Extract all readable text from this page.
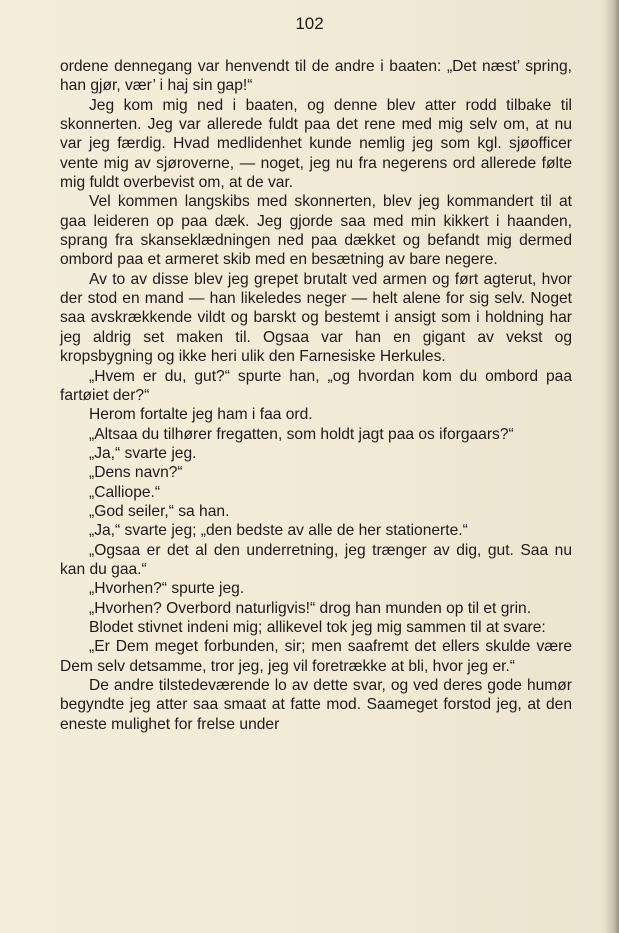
102

ordene dennegang var henvendt til de andre i baaten: „Det næst’ spring, han gjør, vær’ i haj sin gap!“

Jeg kom mig ned i baaten, og denne blev atter rodd tilbake til skonnerten. Jeg var allerede fuldt paa det rene med mig selv om, at nu var jeg færdig. Hvad medlidenhet kunde nemlig jeg som kgl. sjøofficer vente mig av sjøroverne, — noget, jeg nu fra negerens ord allerede følte mig fuldt overbevist om, at de var.

Vel kommen langskibs med skonnerten, blev jeg kommandert til at gaa leideren op paa dæk. Jeg gjorde saa med min kikkert i haanden, sprang fra skanseklædningen ned paa dækket og befandt mig dermed ombord paa et armeret skib med en besætning av bare negere.

Av to av disse blev jeg grepet brutalt ved armen og ført agterut, hvor der stod en mand — han likeledes neger — helt alene for sig selv. Noget saa avskrækkende vildt og barskt og bestemt i ansigt som i holdning har jeg aldrig set maken til. Ogsaa var han en gigant av vekst og kropsbygning og ikke heri ulik den Farnesiske Herkules.

„Hvem er du, gut?“ spurte han, „og hvordan kom du ombord paa fartøiet der?“

Herom fortalte jeg ham i faa ord.

„Altsaa du tilhører fregatten, som holdt jagt paa os iforgaars?“

„Ja,“ svarte jeg.

„Dens navn?“

„Calliope.“

„God seiler,“ sa han.

„Ja,“ svarte jeg; „den bedste av alle de her stationerte.“

„Ogsaa er det al den underretning, jeg trænger av dig, gut. Saa nu kan du gaa.“

„Hvorhen?“ spurte jeg.

„Hvorhen? Overbord naturligvis!“ drog han munden op til et grin.

Blodet stivnet indeni mig; allikevel tok jeg mig sammen til at svare:

„Er Dem meget forbunden, sir; men saafremt det ellers skulde være Dem selv detsamme, tror jeg, jeg vil foretrække at bli, hvor jeg er.“

De andre tilstedeværende lo av dette svar, og ved deres gode humør begyndte jeg atter saa smaat at fatte mod. Saameget forstod jeg, at den eneste mulighet for frelse under
